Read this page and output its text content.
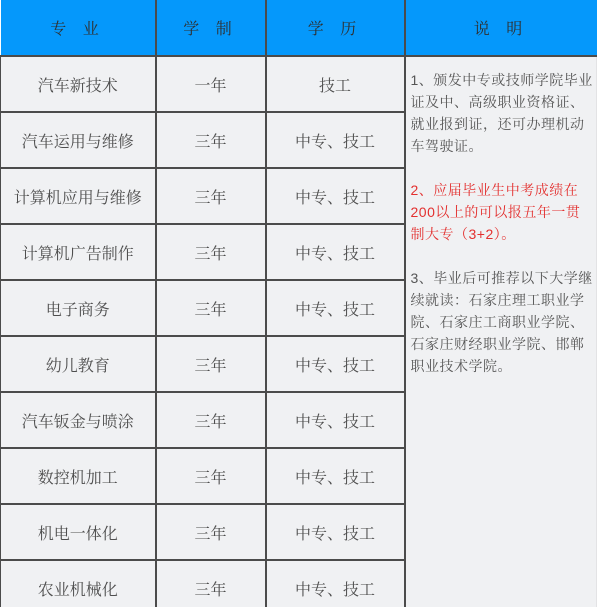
专 业	学 制	学 历	说 明
汽车新技术	一年	技工	1、颁发中专或技师学院毕业证及中、高级职业资格证、就业报到证，还可办理机动车驾驶证。

2、应届毕业生中考成绩在200以上的可以报五年一贯制大专（3+2）。

3、毕业后可推荐以下大学继续就读：石家庄理工职业学院、石家庄工商职业学院、石家庄财经职业学院、邯郸职业技术学院。

汽车运用与维修	三年	中专、技工	
计算机应用与维修	三年	中专、技工	
计算机广告制作	三年	中专、技工	
电子商务	三年	中专、技工	
幼儿教育	三年	中专、技工	
汽车钣金与喷涂	三年	中专、技工	
数控机加工	三年	中专、技工	
机电一体化	三年	中专、技工	
农业机械化	三年	中专、技工	
